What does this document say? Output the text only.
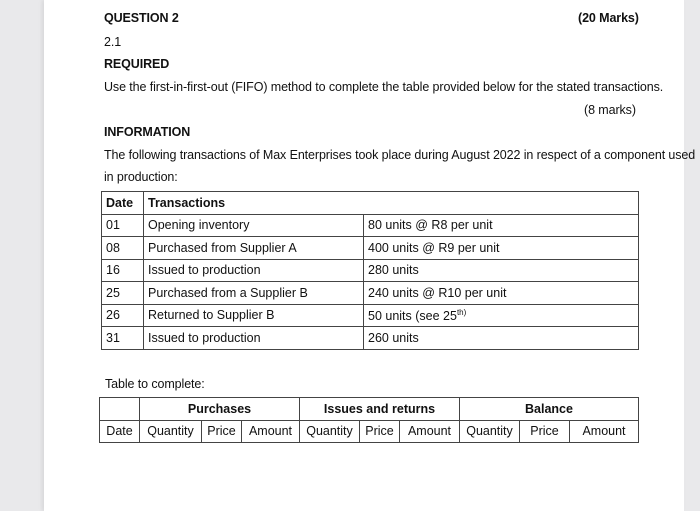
QUESTION 2	(20 Marks)
2.1
REQUIRED
Use the first-in-first-out (FIFO) method to complete the table provided below for the stated transactions.
(8 marks)
INFORMATION
The following transactions of Max Enterprises took place during August 2022 in respect of a component used
in production:
Date	Transactions	
01	Opening inventory	80 units @ R8 per unit
08	Purchased from Supplier A	400 units @ R9 per unit
16	Issued to production	280 units
25	Purchased from a Supplier B	240 units @ R10 per unit
26	Returned to Supplier B	50 units (see $25^{th)}$
31	Issued to production	260 units
Table to complete:
	Purchases			Issues and returns			Balance		
Date	Quantity	Price	Amount	Quantity	Price	Amount	Quantity	Price	Amount
